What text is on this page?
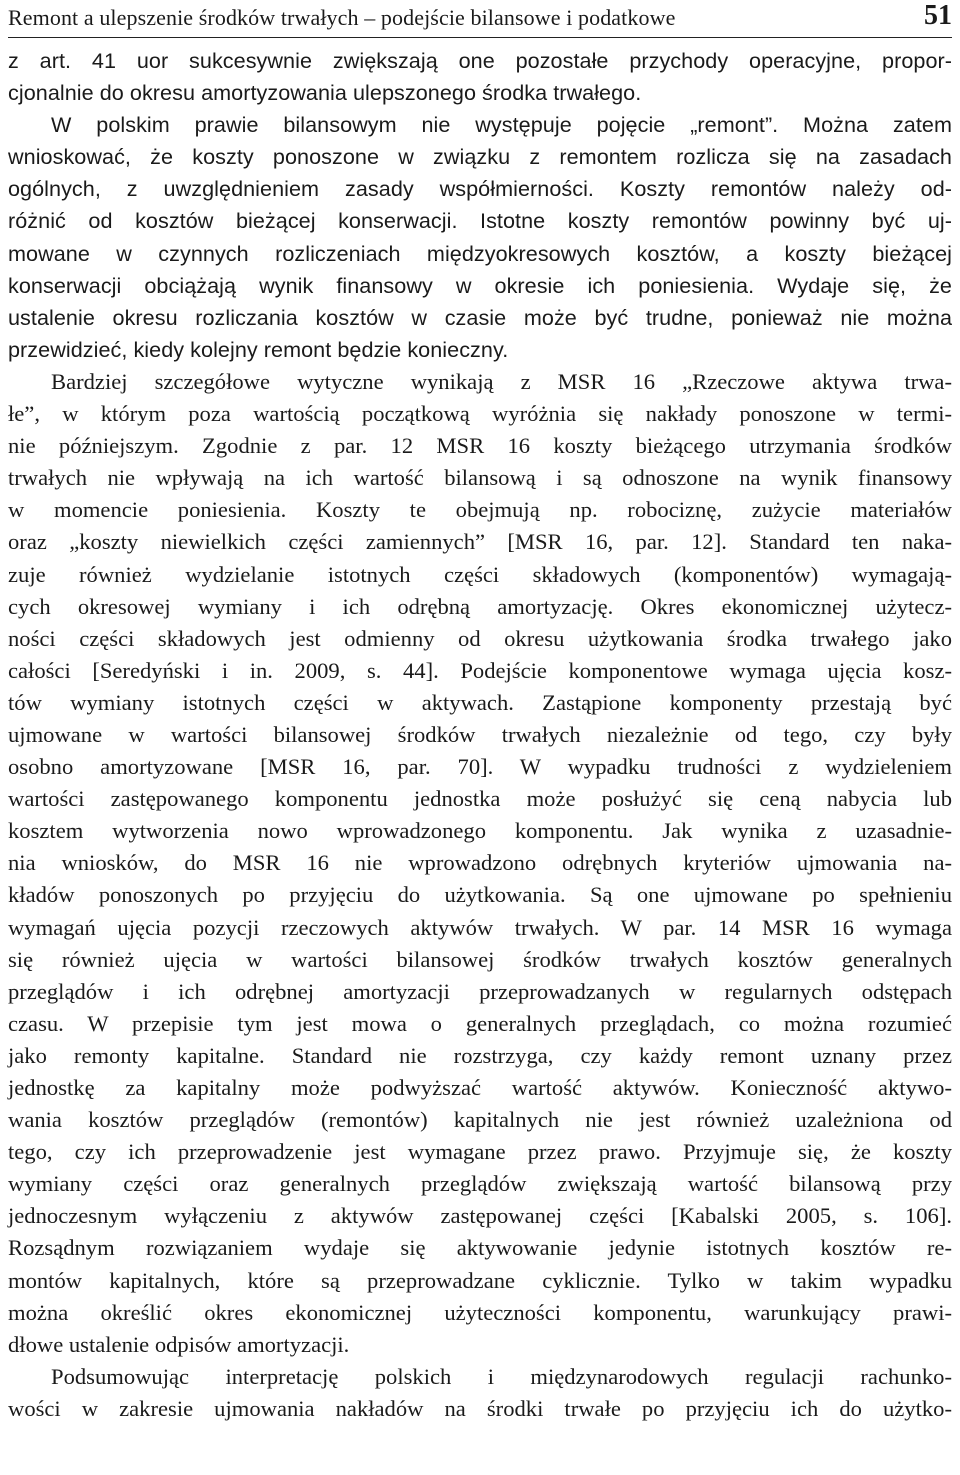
Remont a ulepszenie środków trwałych – podejście bilansowe i podatkowe	51
z art. 41 uor sukcesywnie zwiększają one pozostałe przychody operacyjne, propor-
cjonalnie do okresu amortyzowania ulepszonego środka trwałego.
W polskim prawie bilansowym nie występuje pojęcie „remont”. Można zatem
wnioskować, że koszty ponoszone w związku z remontem rozlicza się na zasadach
ogólnych, z uwzględnieniem zasady współmierności. Koszty remontów należy od-
różnić od kosztów bieżącej konserwacji. Istotne koszty remontów powinny być uj-
mowane w czynnych rozliczeniach międzyokresowych kosztów, a koszty bieżącej
konserwacji obciążają wynik finansowy w okresie ich poniesienia. Wydaje się, że
ustalenie okresu rozliczania kosztów w czasie może być trudne, ponieważ nie można
przewidzieć, kiedy kolejny remont będzie konieczny.
Bardziej szczegółowe wytyczne wynikają z MSR 16 „Rzeczowe aktywa trwa-
łe”, w którym poza wartością początkową wyróżnia się nakłady ponoszone w termi-
nie późniejszym. Zgodnie z par. 12 MSR 16 koszty bieżącego utrzymania środków
trwałych nie wpływają na ich wartość bilansową i są odnoszone na wynik finansowy
w momencie poniesienia. Koszty te obejmują np. robociznę, zużycie materiałów
oraz „koszty niewielkich części zamiennych” [MSR 16, par. 12]. Standard ten naka-
zuje również wydzielanie istotnych części składowych (komponentów) wymagają-
cych okresowej wymiany i ich odrębną amortyzację. Okres ekonomicznej użytecz-
ności części składowych jest odmienny od okresu użytkowania środka trwałego jako
całości [Seredyński i in. 2009, s. 44]. Podejście komponentowe wymaga ujęcia kosz-
tów wymiany istotnych części w aktywach. Zastąpione komponenty przestają być
ujmowane w wartości bilansowej środków trwałych niezależnie od tego, czy były
osobno amortyzowane [MSR 16, par. 70]. W wypadku trudności z wydzieleniem
wartości zastępowanego komponentu jednostka może posłużyć się ceną nabycia lub
kosztem wytworzenia nowo wprowadzonego komponentu. Jak wynika z uzasadnie-
nia wniosków, do MSR 16 nie wprowadzono odrębnych kryteriów ujmowania na-
kładów ponoszonych po przyjęciu do użytkowania. Są one ujmowane po spełnieniu
wymagań ujęcia pozycji rzeczowych aktywów trwałych. W par. 14 MSR 16 wymaga
się również ujęcia w wartości bilansowej środków trwałych kosztów generalnych
przeglądów i ich odrębnej amortyzacji przeprowadzanych w regularnych odstępach
czasu. W przepisie tym jest mowa o generalnych przeglądach, co można rozumieć
jako remonty kapitalne. Standard nie rozstrzyga, czy każdy remont uznany przez
jednostkę za kapitalny może podwyższać wartość aktywów. Konieczność aktywo-
wania kosztów przeglądów (remontów) kapitalnych nie jest również uzależniona od
tego, czy ich przeprowadzenie jest wymagane przez prawo. Przyjmuje się, że koszty
wymiany części oraz generalnych przeglądów zwiększają wartość bilansową przy
jednoczesnym wyłączeniu z aktywów zastępowanej części [Kabalski 2005, s. 106].
Rozsądnym rozwiązaniem wydaje się aktywowanie jedynie istotnych kosztów re-
montów kapitalnych, które są przeprowadzane cyklicznie. Tylko w takim wypadku
można określić okres ekonomicznej użyteczności komponentu, warunkujący prawi-
dłowe ustalenie odpisów amortyzacji.
Podsumowując interpretację polskich i międzynarodowych regulacji rachunko-
wości w zakresie ujmowania nakładów na środki trwałe po przyjęciu ich do użytko-
